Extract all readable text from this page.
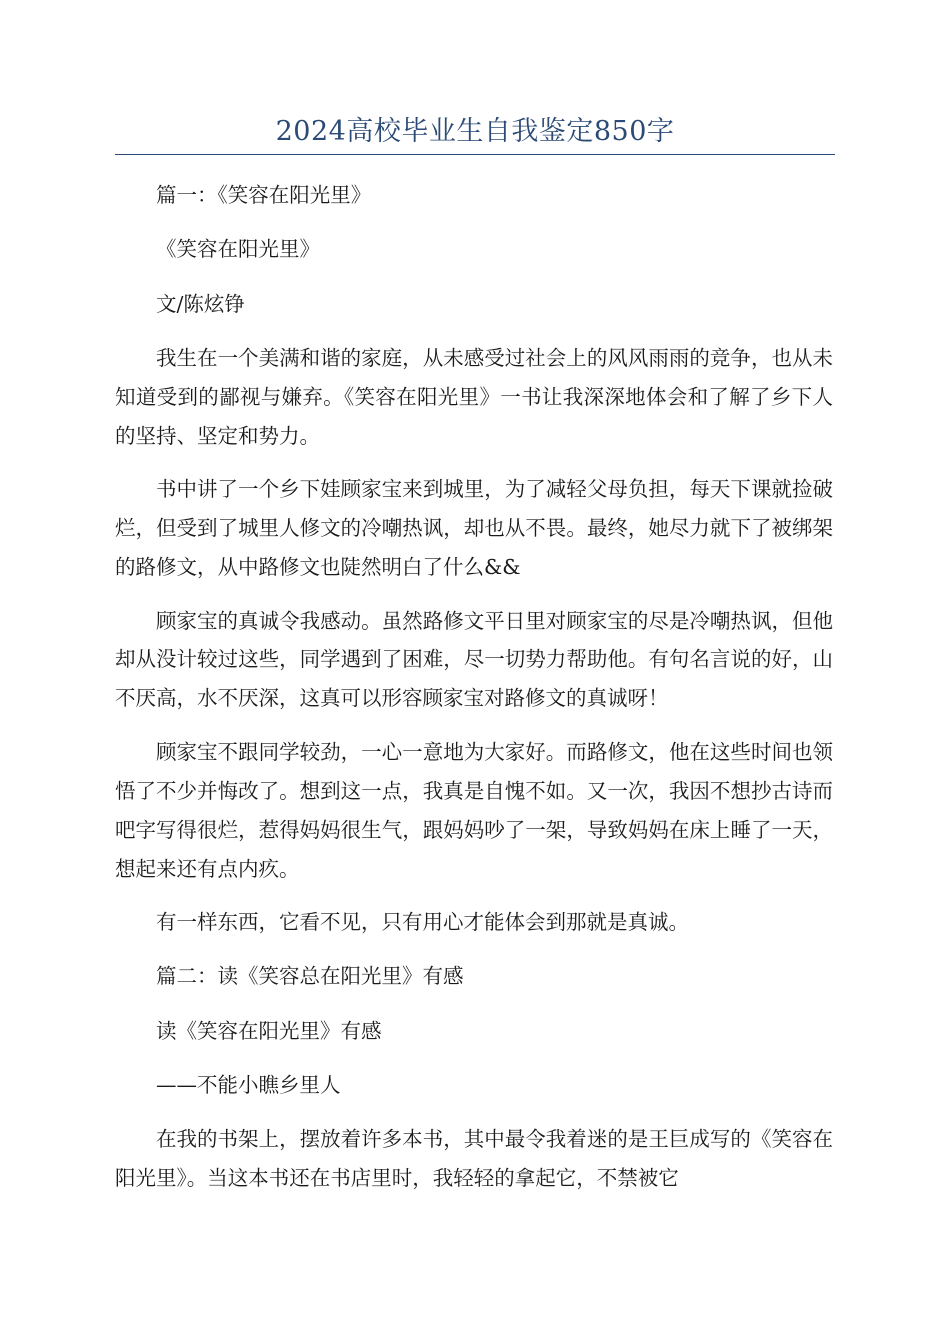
2024高校毕业生自我鉴定850字

篇一：《笑容在阳光里》

《笑容在阳光里》

文/陈炫铮

我生在一个美满和谐的家庭，从未感受过社会上的风风雨雨的竞争，也从未知道受到的鄙视与嫌弃。《笑容在阳光里》一书让我深深地体会和了解了乡下人的坚持、坚定和势力。

书中讲了一个乡下娃顾家宝来到城里，为了减轻父母负担，每天下课就捡破烂，但受到了城里人修文的冷嘲热讽，却也从不畏。最终，她尽力就下了被绑架的路修文，从中路修文也陡然明白了什么&&

顾家宝的真诚令我感动。虽然路修文平日里对顾家宝的尽是冷嘲热讽，但他却从没计较过这些，同学遇到了困难，尽一切势力帮助他。有句名言说的好，山不厌高，水不厌深，这真可以形容顾家宝对路修文的真诚呀！

顾家宝不跟同学较劲，一心一意地为大家好。而路修文，他在这些时间也领悟了不少并悔改了。想到这一点，我真是自愧不如。又一次，我因不想抄古诗而吧字写得很烂，惹得妈妈很生气，跟妈妈吵了一架，导致妈妈在床上睡了一天，想起来还有点内疚。

有一样东西，它看不见，只有用心才能体会到那就是真诚。

篇二：读《笑容总在阳光里》有感

读《笑容在阳光里》有感

——不能小瞧乡里人

在我的书架上，摆放着许多本书，其中最令我着迷的是王巨成写的《笑容在阳光里》。当这本书还在书店里时，我轻轻的拿起它，不禁被它
